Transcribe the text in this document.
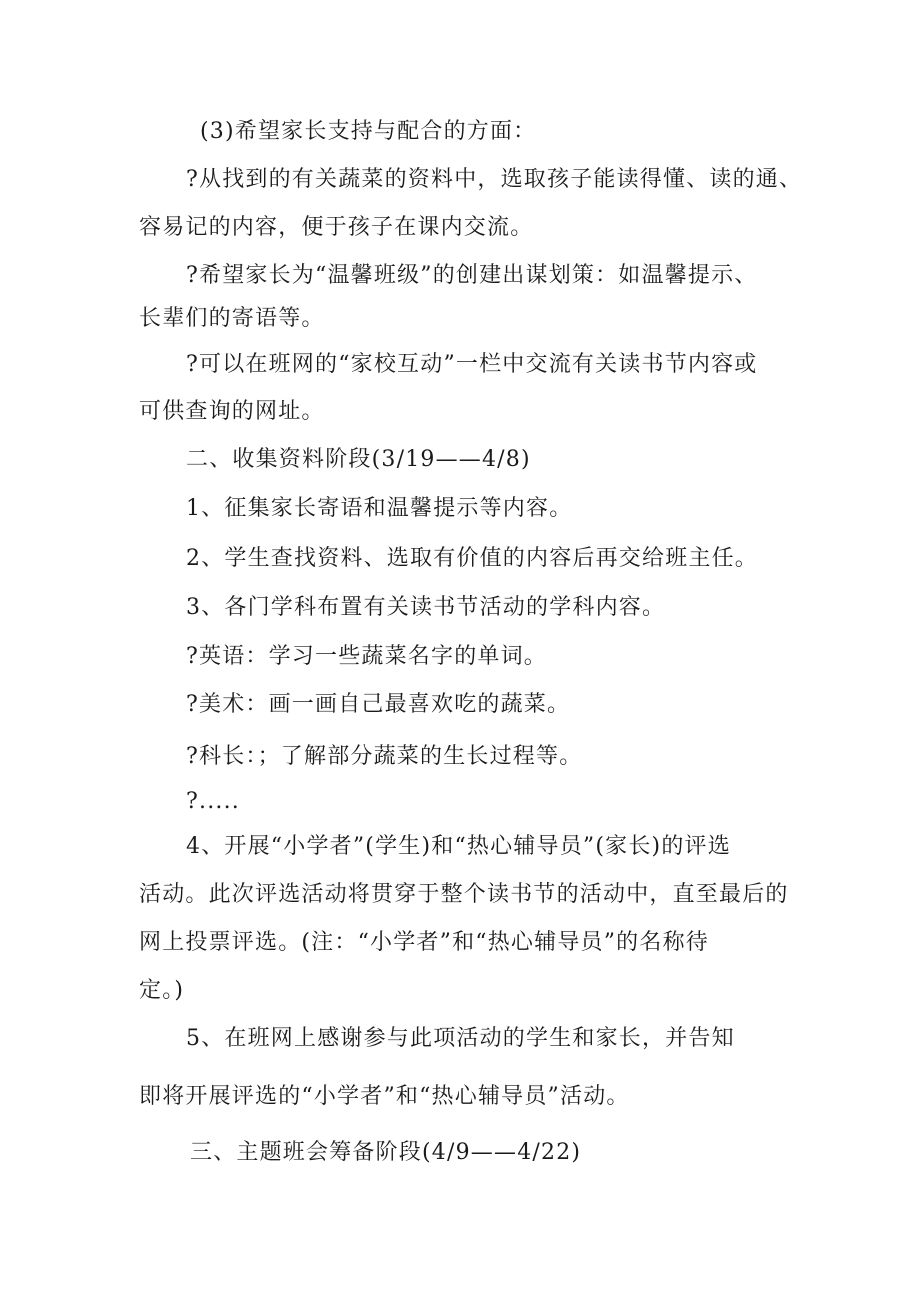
(3)希望家长支持与配合的方面：
?从找到的有关蔬菜的资料中，选取孩子能读得懂、读的通、
容易记的内容，便于孩子在课内交流。
?希望家长为“温馨班级”的创建出谋划策：如温馨提示、
长辈们的寄语等。
?可以在班网的“家校互动”一栏中交流有关读书节内容或
可供查询的网址。
二、收集资料阶段(3/19——4/8)
1、征集家长寄语和温馨提示等内容。
2、学生查找资料、选取有价值的内容后再交给班主任。
3、各门学科布置有关读书节活动的学科内容。
?英语：学习一些蔬菜名字的单词。
?美术：画一画自己最喜欢吃的蔬菜。
?科长：；了解部分蔬菜的生长过程等。
?.....
4、开展“小学者”(学生)和“热心辅导员”(家长)的评选
活动。此次评选活动将贯穿于整个读书节的活动中，直至最后的
网上投票评选。(注：“小学者”和“热心辅导员”的名称待
定。)
5、在班网上感谢参与此项活动的学生和家长，并告知
即将开展评选的“小学者”和“热心辅导员”活动。
三、主题班会筹备阶段(4/9——4/22)
